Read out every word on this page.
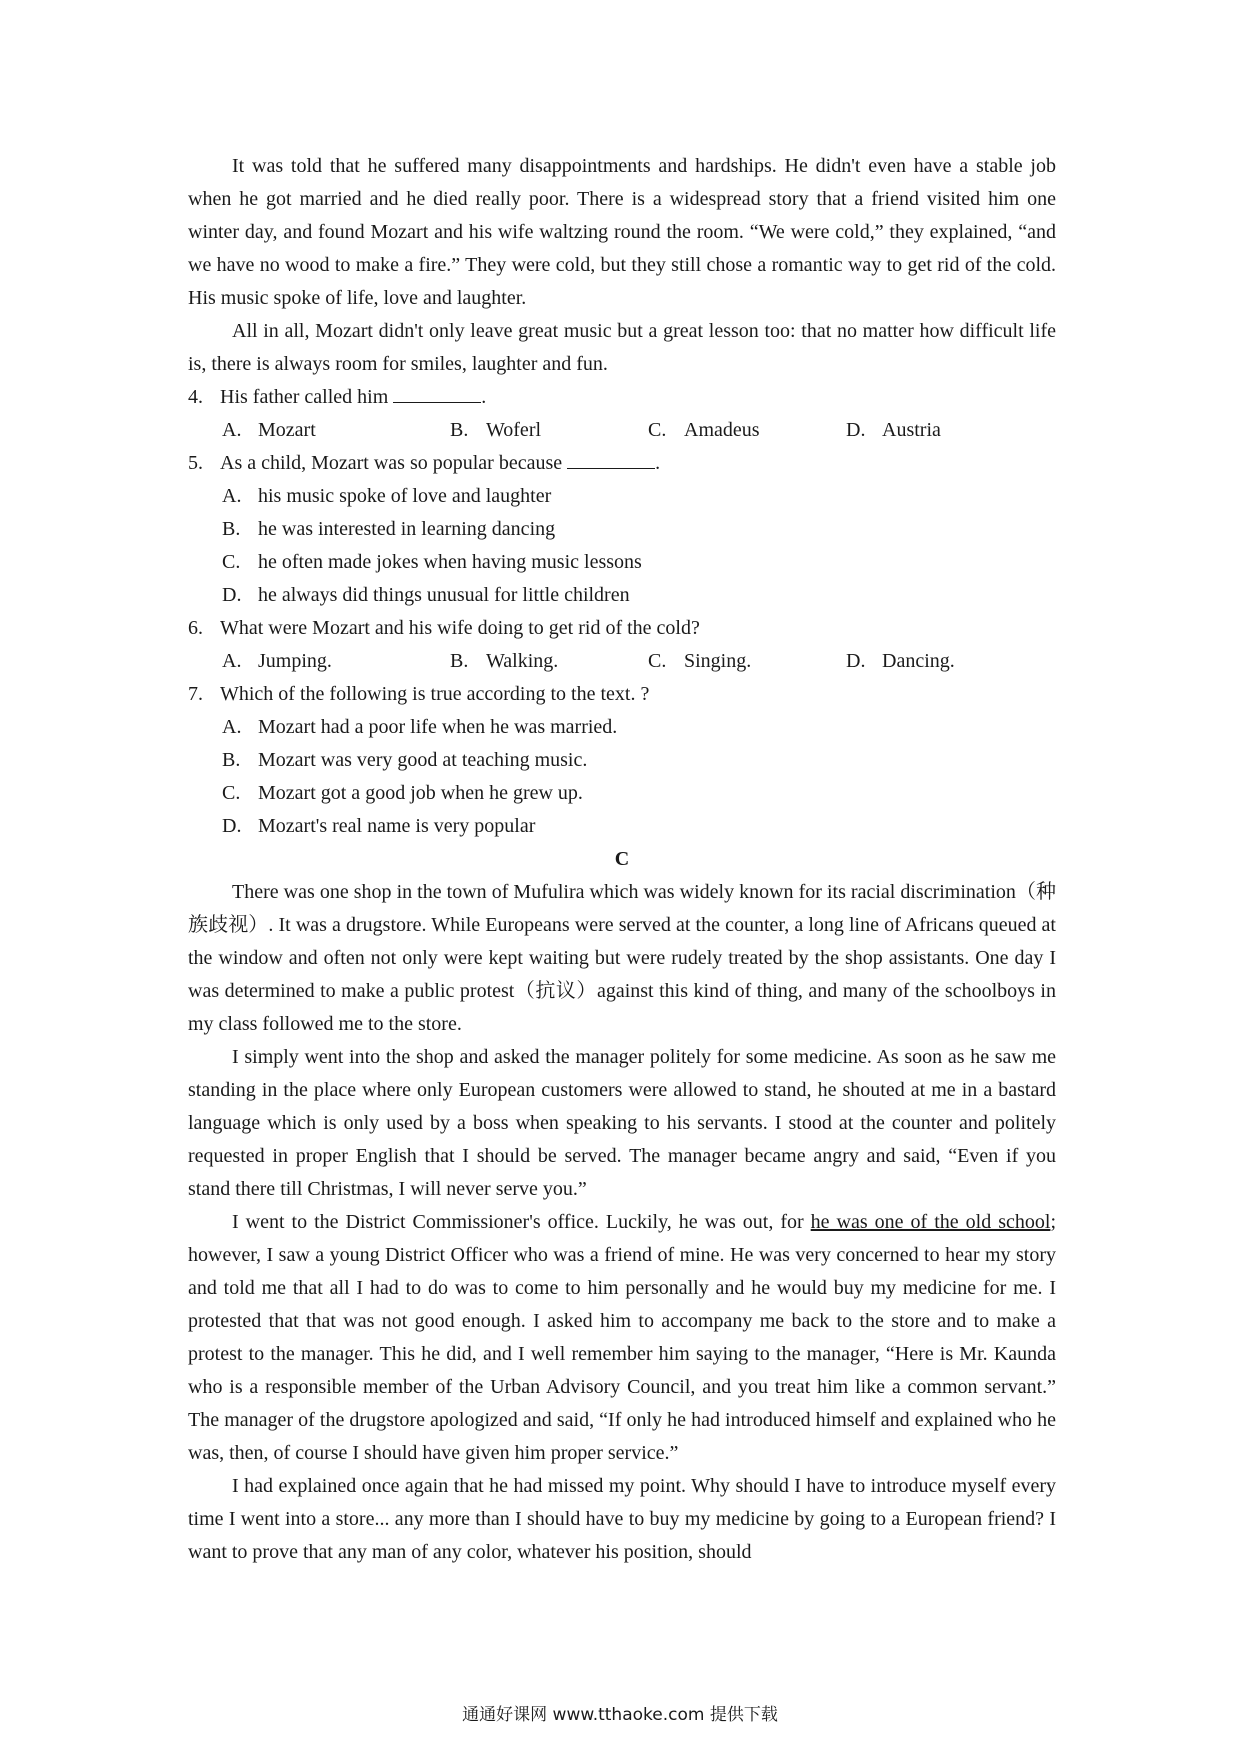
It was told that he suffered many disappointments and hardships. He didn't even have a stable job when he got married and he died really poor. There is a widespread story that a friend visited him one winter day, and found Mozart and his wife waltzing round the room. “We were cold,” they explained, “and we have no wood to make a fire.” They were cold, but they still chose a romantic way to get rid of the cold. His music spoke of life, love and laughter.

All in all, Mozart didn't only leave great music but a great lesson too: that no matter how difficult life is, there is always room for smiles, laughter and fun.

4. His father called him	.

A. Mozart	B. Woferl	C. Amadeus	D. Austria

5. As a child, Mozart was so popular because	.

A. his music spoke of love and laughter

B. he was interested in learning dancing

C. he often made jokes when having music lessons

D. he always did things unusual for little children

6. What were Mozart and his wife doing to get rid of the cold?

A. Jumping.	B. Walking.	C. Singing.	D. Dancing.

7. Which of the following is true according to the text. ?

A. Mozart had a poor life when he was married.

B. Mozart was very good at teaching music.

C. Mozart got a good job when he grew up.

D. Mozart's real name is very popular

C

There was one shop in the town of Mufulira which was widely known for its racial discrimination（种族歧视）. It was a drugstore. While Europeans were served at the counter, a long line of Africans queued at the window and often not only were kept waiting but were rudely treated by the shop assistants. One day I was determined to make a public protest（抗议）against this kind of thing, and many of the schoolboys in my class followed me to the store.

I simply went into the shop and asked the manager politely for some medicine. As soon as he saw me standing in the place where only European customers were allowed to stand, he shouted at me in a bastard language which is only used by a boss when speaking to his servants. I stood at the counter and politely requested in proper English that I should be served. The manager became angry and said, “Even if you stand there till Christmas, I will never serve you.”

I went to the District Commissioner's office. Luckily, he was out, for he was one of the old school; however, I saw a young District Officer who was a friend of mine. He was very concerned to hear my story and told me that all I had to do was to come to him personally and he would buy my medicine for me. I protested that that was not good enough. I asked him to accompany me back to the store and to make a protest to the manager. This he did, and I well remember him saying to the manager, “Here is Mr. Kaunda who is a responsible member of the Urban Advisory Council, and you treat him like a common servant.” The manager of the drugstore apologized and said, “If only he had introduced himself and explained who he was, then, of course I should have given him proper service.”

I had explained once again that he had missed my point. Why should I have to introduce myself every time I went into a store... any more than I should have to buy my medicine by going to a European friend? I want to prove that any man of any color, whatever his position, should

通通好课网 www.tthaoke.com 提供下载
